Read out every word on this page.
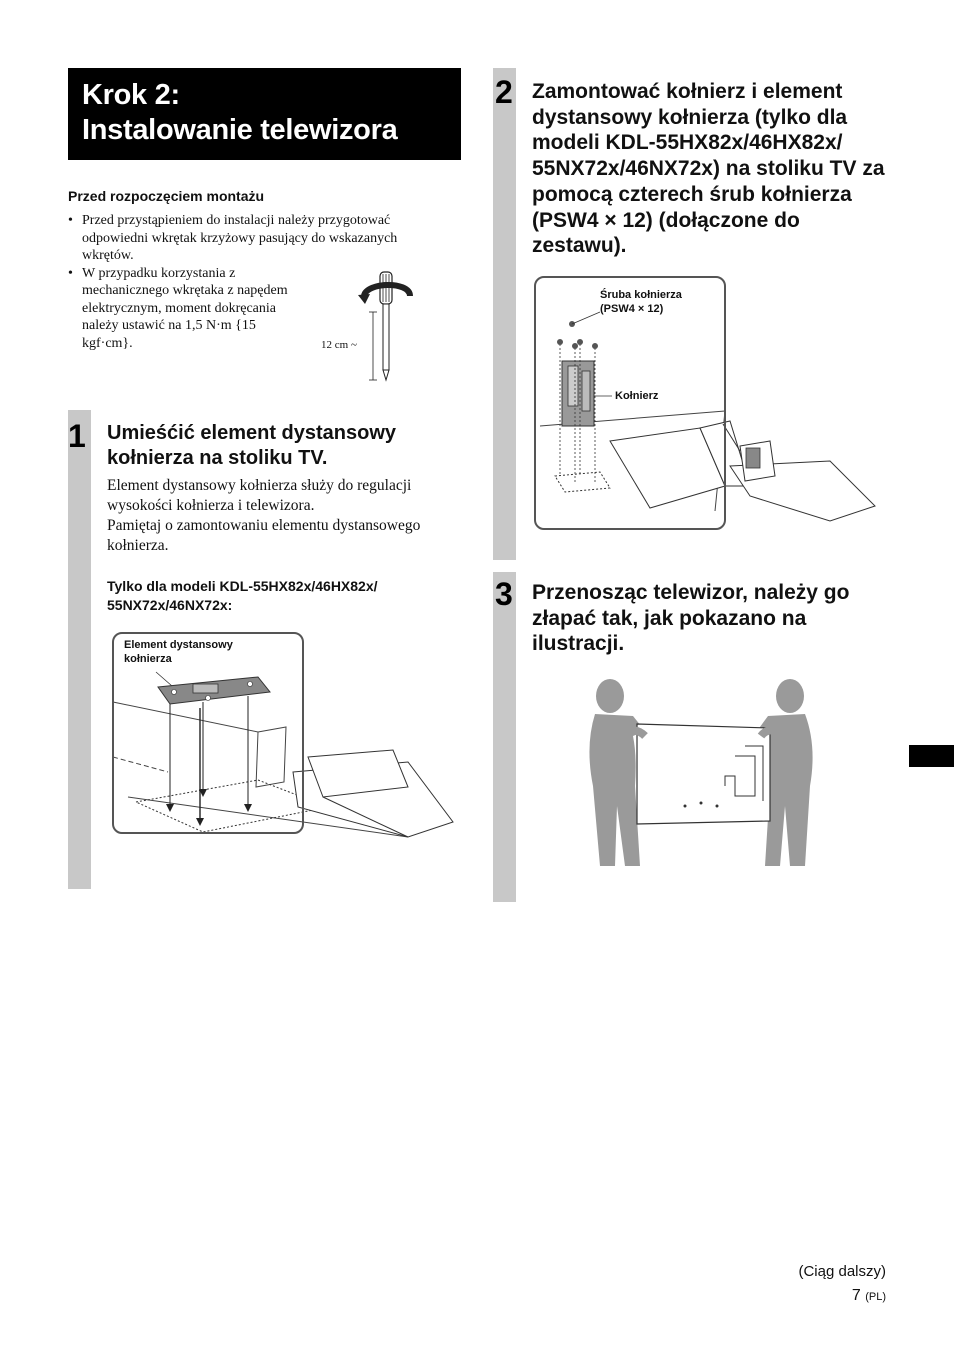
Krok 2:
Instalowanie telewizora
Przed rozpoczęciem montażu

• Przed przystąpieniem do instalacji należy przygotować odpowiedni wkrętak krzyżowy pasujący do wskazanych wkrętów.

• W przypadku korzystania z mechanicznego wkrętaka z napędem elektrycznym, moment dokręcania należy ustawić na 1,5 N·m {15 kgf·cm}.	12 cm ~
1 Umieśćić element dystansowy kołnierza na stoliku TV.
Element dystansowy kołnierza służy do regulacji wysokości kołnierza i telewizora.
Pamiętaj o zamontowaniu elementu dystansowego kołnierza.
Tylko dla modeli KDL-55HX82x/46HX82x/
55NX72x/46NX72x:
Element dystansowy
kołnierza
2 Zamontować kołnierz i element dystansowy kołnierza (tylko dla modeli KDL-55HX82x/46HX82x/ 55NX72x/46NX72x) na stoliku TV za pomocą czterech śrub kołnierza (PSW4 × 12) (dołączone do zestawu).
Śruba kołnierza
(PSW4 × 12)
Kołnierz
3 Przenosząc telewizor, należy go złapać tak, jak pokazano na ilustracji.
(Ciąg dalszy)
7 (PL)
